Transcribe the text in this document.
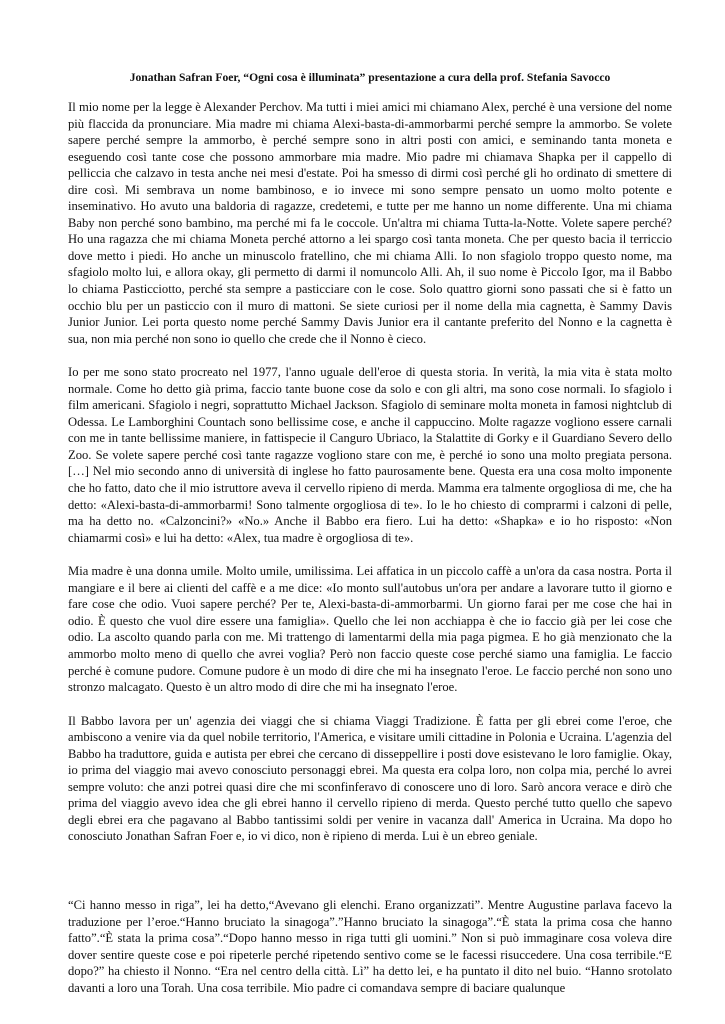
Jonathan Safran Foer, “Ogni cosa è illuminata” presentazione a cura della prof. Stefania Savocco

Il mio nome per la legge è Alexander Perchov. Ma tutti i miei amici mi chiamano Alex, perché è una versione del nome più flaccida da pronunciare. Mia madre mi chiama Alexi-basta-di-ammorbarmi perché sempre la ammorbo. Se volete sapere perché sempre la ammorbo, è perché sempre sono in altri posti con amici, e seminando tanta moneta e eseguendo così tante cose che possono ammorbare mia madre. Mio padre mi chiamava Shapka per il cappello di pelliccia che calzavo in testa anche nei mesi d'estate. Poi ha smesso di dirmi così perché gli ho ordinato di smettere di dire così. Mi sembrava un nome bambinoso, e io invece mi sono sempre pensato un uomo molto potente e inseminativo. Ho avuto una baldoria di ragazze, credetemi, e tutte per me hanno un nome differente. Una mi chiama Baby non perché sono bambino, ma perché mi fa le coccole. Un'altra mi chiama Tutta-la-Notte. Volete sapere perché? Ho una ragazza che mi chiama Moneta perché attorno a lei spargo così tanta moneta. Che per questo bacia il terriccio dove metto i piedi. Ho anche un minuscolo fratellino, che mi chiama Alli. Io non sfagiolo troppo questo nome, ma sfagiolo molto lui, e allora okay, gli permetto di darmi il nomuncolo Alli. Ah, il suo nome è Piccolo Igor, ma il Babbo lo chiama Pasticciotto, perché sta sempre a pasticciare con le cose. Solo quattro giorni sono passati che si è fatto un occhio blu per un pasticcio con il muro di mattoni. Se siete curiosi per il nome della mia cagnetta, è Sammy Davis Junior Junior. Lei porta questo nome perché Sammy Davis Junior era il cantante preferito del Nonno e la cagnetta è sua, non mia perché non sono io quello che crede che il Nonno è cieco.

Io per me sono stato procreato nel 1977, l'anno uguale dell'eroe di questa storia. In verità, la mia vita è stata molto normale. Come ho detto già prima, faccio tante buone cose da solo e con gli altri, ma sono cose normali. Io sfagiolo i film americani. Sfagiolo i negri, soprattutto Michael Jackson. Sfagiolo di seminare molta moneta in famosi nightclub di Odessa. Le Lamborghini Countach sono bellissime cose, e anche il cappuccino. Molte ragazze vogliono essere carnali con me in tante bellissime maniere, in fattispecie il Canguro Ubriaco, la Stalattite di Gorky e il Guardiano Severo dello Zoo. Se volete sapere perché così tante ragazze vogliono stare con me, è perché io sono una molto pregiata persona. […] Nel mio secondo anno di università di inglese ho fatto paurosamente bene. Questa era una cosa molto imponente che ho fatto, dato che il mio istruttore aveva il cervello ripieno di merda. Mamma era talmente orgogliosa di me, che ha detto: «Alexi-basta-di-ammorbarmi! Sono talmente orgogliosa di te». Io le ho chiesto di comprarmi i calzoni di pelle, ma ha detto no. «Calzoncini?» «No.» Anche il Babbo era fiero. Lui ha detto: «Shapka» e io ho risposto: «Non chiamarmi così» e lui ha detto: «Alex, tua madre è orgogliosa di te».

Mia madre è una donna umile. Molto umile, umilissima. Lei affatica in un piccolo caffè a un'ora da casa nostra. Porta il mangiare e il bere ai clienti del caffè e a me dice: «Io monto sull'autobus un'ora per andare a lavorare tutto il giorno e fare cose che odio. Vuoi sapere perché? Per te, Alexi-basta-di-ammorbarmi. Un giorno farai per me cose che hai in odio. È questo che vuol dire essere una famiglia». Quello che lei non acchiappa è che io faccio già per lei cose che odio. La ascolto quando parla con me. Mi trattengo di lamentarmi della mia paga pigmea. E ho già menzionato che la ammorbo molto meno di quello che avrei voglia? Però non faccio queste cose perché siamo una famiglia. Le faccio perché è comune pudore. Comune pudore è un modo di dire che mi ha insegnato l'eroe. Le faccio perché non sono uno stronzo malcagato. Questo è un altro modo di dire che mi ha insegnato l'eroe.

Il Babbo lavora per un' agenzia dei viaggi che si chiama Viaggi Tradizione. È fatta per gli ebrei come l'eroe, che ambiscono a venire via da quel nobile territorio, l'America, e visitare umili cittadine in Polonia e Ucraina. L'agenzia del Babbo ha traduttore, guida e autista per ebrei che cercano di disseppellire i posti dove esistevano le loro famiglie. Okay, io prima del viaggio mai avevo conosciuto personaggi ebrei. Ma questa era colpa loro, non colpa mia, perché lo avrei sempre voluto: che anzi potrei quasi dire che mi sconfinferavo di conoscere uno di loro. Sarò ancora verace e dirò che prima del viaggio avevo idea che gli ebrei hanno il cervello ripieno di merda. Questo perché tutto quello che sapevo degli ebrei era che pagavano al Babbo tantissimi soldi per venire in vacanza dall' America in Ucraina. Ma dopo ho conosciuto Jonathan Safran Foer e, io vi dico, non è ripieno di merda. Lui è un ebreo geniale.

“Ci hanno messo in riga”, lei ha detto,“Avevano gli elenchi. Erano organizzati”. Mentre Augustine parlava facevo la traduzione per l’eroe.“Hanno bruciato la sinagoga”.”Hanno bruciato la sinagoga”.“È stata la prima cosa che hanno fatto”.“È stata la prima cosa”.“Dopo hanno messo in riga tutti gli uomini.” Non si può immaginare cosa voleva dire dover sentire queste cose e poi ripeterle perché ripetendo sentivo come se le facessi risuccedere. Una cosa terribile.“E dopo?” ha chiesto il Nonno. “Era nel centro della città. Lì” ha detto lei, e ha puntato il dito nel buio. “Hanno srotolato davanti a loro una Torah. Una cosa terribile. Mio padre ci comandava sempre di baciare qualunque
